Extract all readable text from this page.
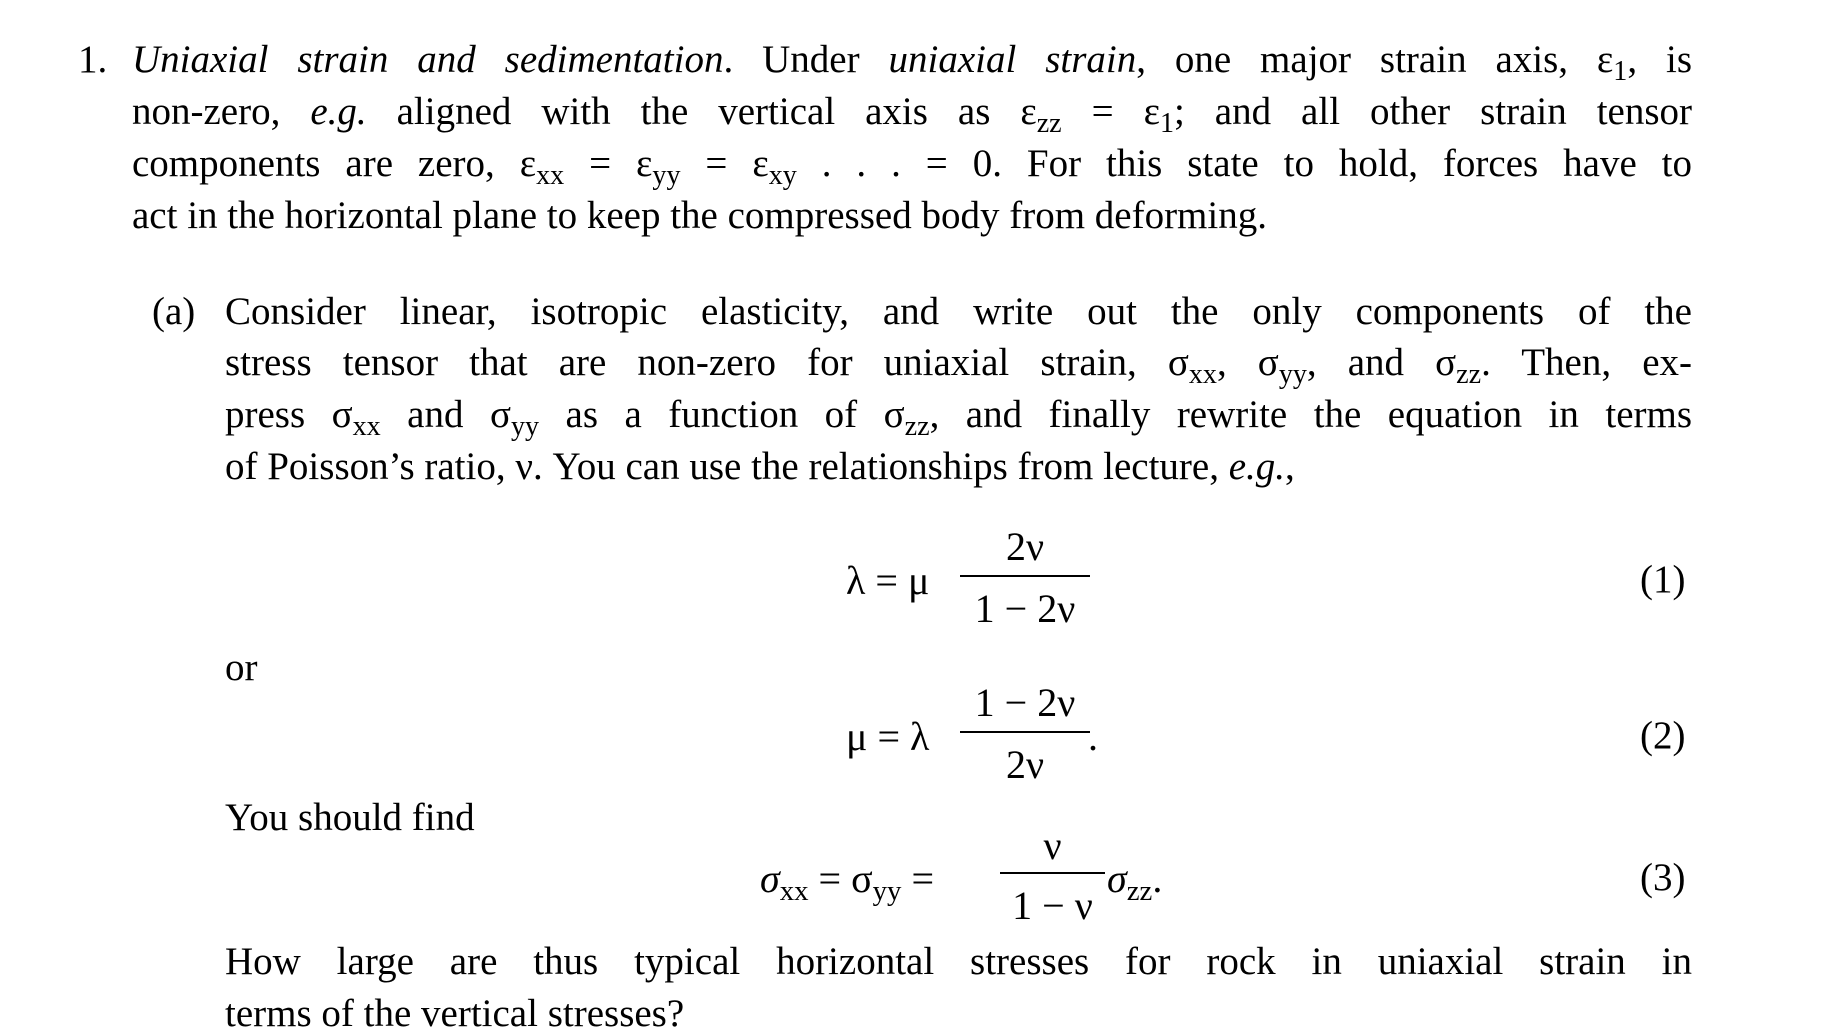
1. Uniaxial strain and sedimentation. Under uniaxial strain, one major strain axis, $\varepsilon_1$, is
non-zero, e.g. aligned with the vertical axis as $\varepsilon_{zz} = \varepsilon_1$; and all other strain tensor
components are zero, $\varepsilon_{xx} = \varepsilon_{yy} = \varepsilon_{xy}$ . . . = 0. For this state to hold, forces have to
act in the horizontal plane to keep the compressed body from deforming.
(a) Consider linear, isotropic elasticity, and write out the only components of the
stress tensor that are non-zero for uniaxial strain, $\sigma_{xx}$, $\sigma_{yy}$, and $\sigma_{zz}$. Then, ex-
press $\sigma_{xx}$ and $\sigma_{yy}$ as a function of $\sigma_{zz}$, and finally rewrite the equation in terms
of Poisson’s ratio, ν. You can use the relationships from lecture, e.g.,
λ = μ
2ν
1 − 2ν
(1)
or
μ = λ
1 − 2ν
2ν
.	(2)
You should find
$\sigma_{xx} = \sigma_{yy}$ =
ν
1 − ν
$\sigma_{zz}$.	(3)
How large are thus typical horizontal stresses for rock in uniaxial strain in
terms of the vertical stresses?
